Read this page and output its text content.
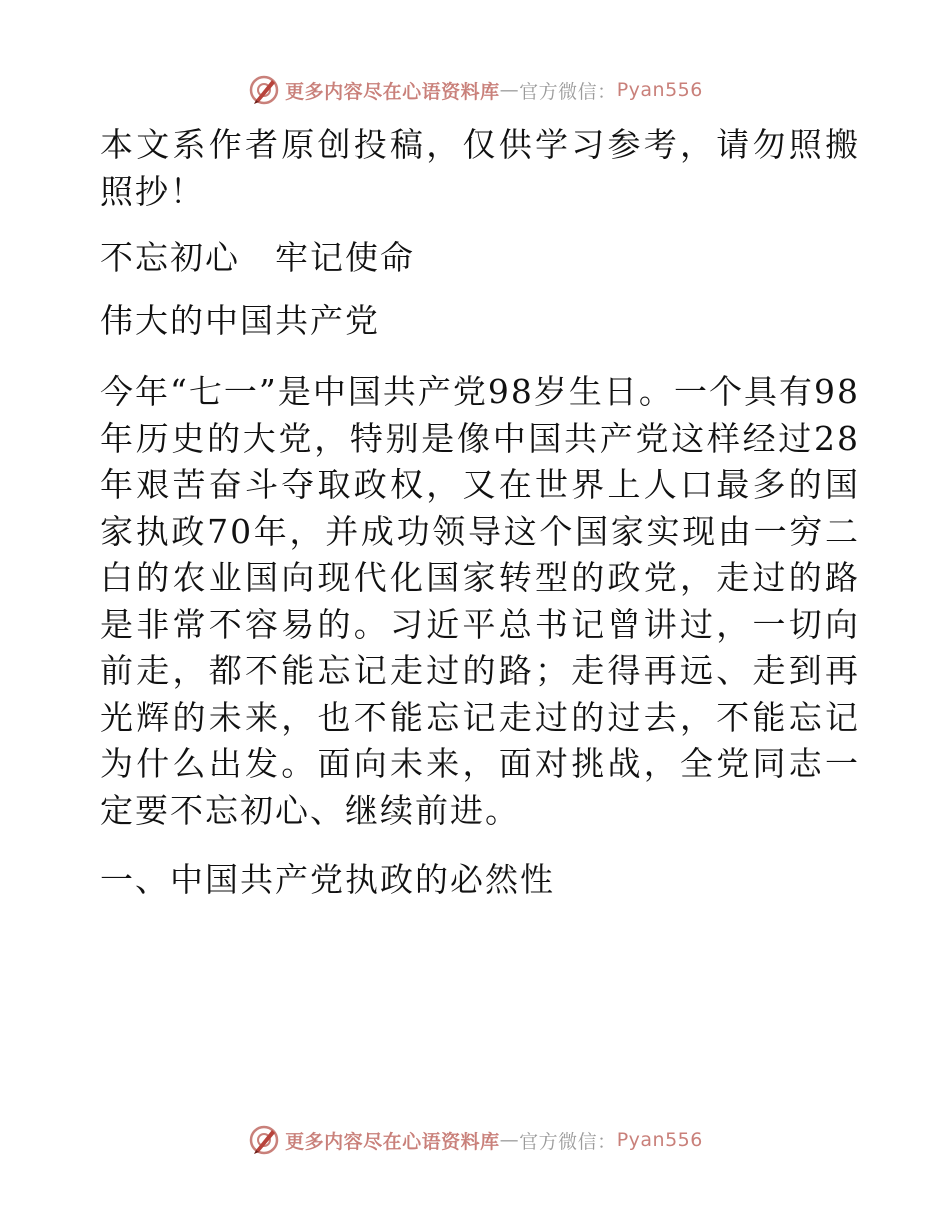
更多内容尽在心语资料库 — 官方微信： Pyan556

本文系作者原创投稿，仅供学习参考，请勿照搬照抄！

不忘初心　牢记使命

伟大的中国共产党

今年“七一”是中国共产党98岁生日。一个具有98年历史的大党，特别是像中国共产党这样经过28年艰苦奋斗夺取政权，又在世界上人口最多的国家执政70年，并成功领导这个国家实现由一穷二白的农业国向现代化国家转型的政党，走过的路是非常不容易的。习近平总书记曾讲过，一切向前走，都不能忘记走过的路；走得再远、走到再光辉的未来，也不能忘记走过的过去，不能忘记为什么出发。面向未来，面对挑战，全党同志一定要不忘初心、继续前进。

一、中国共产党执政的必然性

更多内容尽在心语资料库 — 官方微信： Pyan556
